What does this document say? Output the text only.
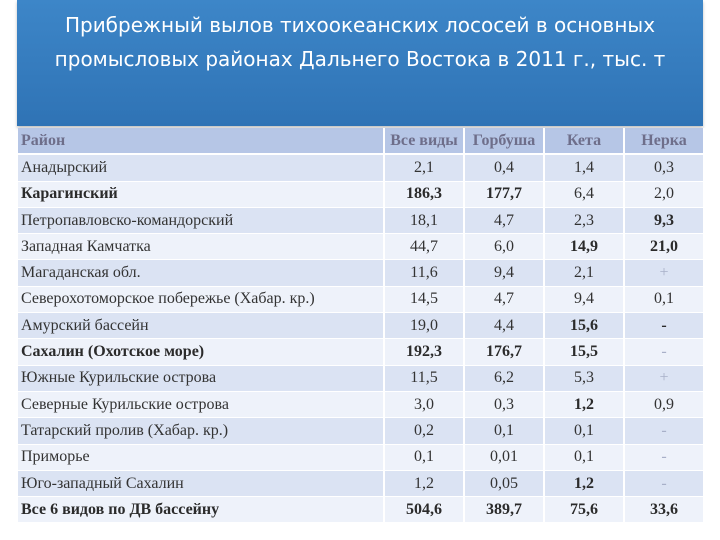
Прибрежный вылов тихоокеанских лососей в основных промысловых районах Дальнего Востока в 2011 г., тыс. т
Район	Все виды	Горбуша	Кета	Нерка
Анадырский	2,1	0,4	1,4	0,3
Карагинский	186,3	177,7	6,4	2,0
Петропавловско-командорский	18,1	4,7	2,3	9,3
Западная Камчатка	44,7	6,0	14,9	21,0
Магаданская обл.	11,6	9,4	2,1	+
Северохотоморское побережье (Хабар. кр.)	14,5	4,7	9,4	0,1
Амурский бассейн	19,0	4,4	15,6	-
Сахалин (Охотское море)	192,3	176,7	15,5	-
Южные Курильские острова	11,5	6,2	5,3	+
Северные Курильские острова	3,0	0,3	1,2	0,9
Татарский пролив (Хабар. кр.)	0,2	0,1	0,1	-
Приморье	0,1	0,01	0,1	-
Юго-западный Сахалин	1,2	0,05	1,2	-
Все 6 видов по ДВ бассейну	504,6	389,7	75,6	33,6
